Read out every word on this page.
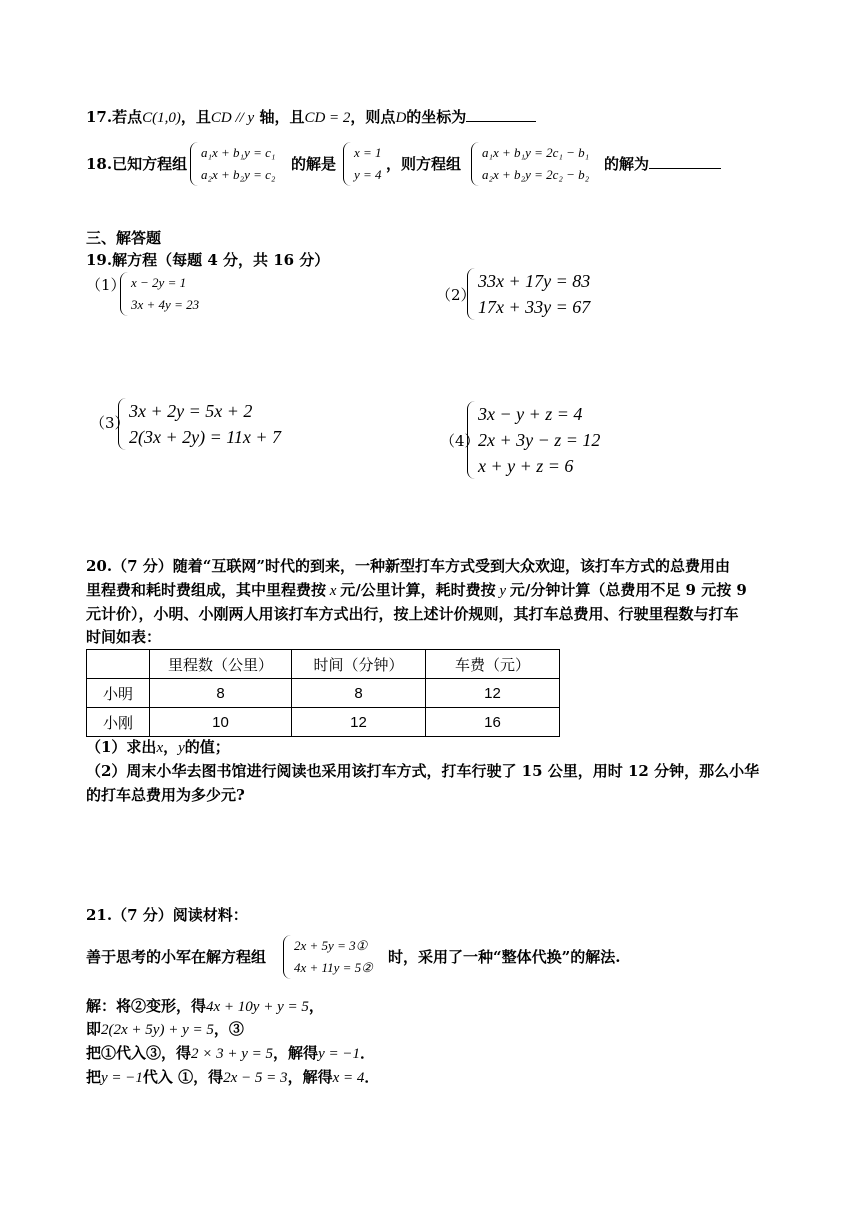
17.若点C(1,0)，且CD // y 轴，且CD = 2，则点D的坐标为
18.已知方程组
a₁x + b₁y = c₁
a₂x + b₂y = c₂
的解是
x = 1
y = 4
，则方程组
a₁x + b₁y = 2c₁ − b₁
a₂x + b₂y = 2c₂ − b₂
的解为
三、解答题
19.解方程（每题 4 分，共 16 分）
（1） x − 2y = 1
3x + 4y = 23
（2）
33x + 17y = 83
17x + 33y = 67
（3）
3x + 2y = 5x + 2
2(3x + 2y) = 11x + 7	（4）
3x − y + z = 4
2x + 3y − z = 12
x + y + z = 6
20.（7 分）随着“互联网”时代的到来，一种新型打车方式受到大众欢迎，该打车方式的总费用由
里程费和耗时费组成，其中里程费按 x 元/公里计算，耗时费按 y 元/分钟计算（总费用不足 9 元按 9
元计价），小明、小刚两人用该打车方式出行，按上述计价规则，其打车总费用、行驶里程数与打车
时间如表：
	里程数（公里）	时间（分钟）	车费（元）
小明	8	8	12
小刚	10	12	16
（1）求出x，y的值；
（2）周末小华去图书馆进行阅读也采用该打车方式，打车行驶了 15 公里，用时 12 分钟，那么小华
的打车总费用为多少元?
21.（7 分）阅读材料：
善于思考的小军在解方程组
2x + 5y = 3①
4x + 11y = 5②
时，采用了一种“整体代换”的解法.
解：将②变形，得4x + 10y + y = 5，
即2(2x + 5y) + y = 5，③
把①代入③，得2 × 3 + y = 5，解得y = −1．
把y = −1代入 ①，得2x − 5 = 3，解得x = 4．
